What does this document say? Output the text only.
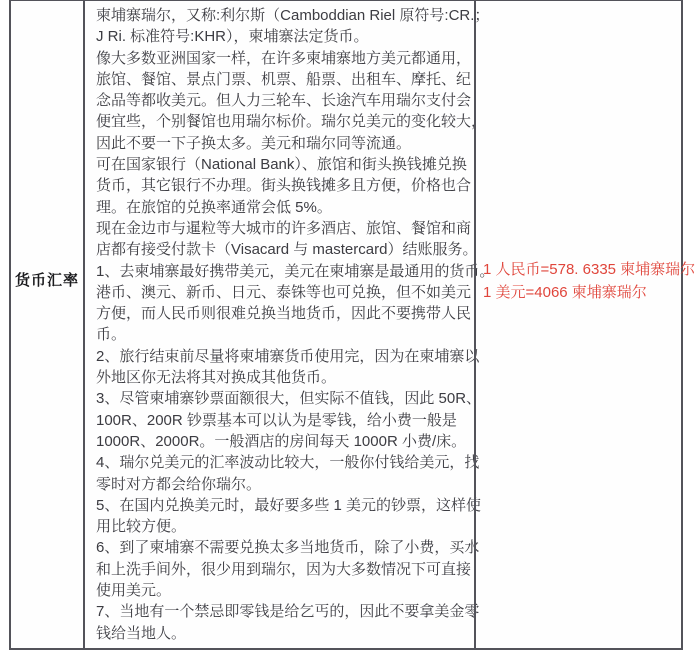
货币汇率
柬埔寨瑞尔，又称:利尔斯（Camboddian Riel 原符号:CR.；
J Ri. 标准符号:KHR），柬埔寨法定货币。
像大多数亚洲国家一样，在许多柬埔寨地方美元都通用，
旅馆、餐馆、景点门票、机票、船票、出租车、摩托、纪
念品等都收美元。但人力三轮车、长途汽车用瑞尔支付会
便宜些，个别餐馆也用瑞尔标价。瑞尔兑美元的变化较大，
因此不要一下子换太多。美元和瑞尔同等流通。
可在国家银行（National Bank）、旅馆和街头换钱摊兑换
货币，其它银行不办理。街头换钱摊多且方便，价格也合
理。在旅馆的兑换率通常会低 5%。
现在金边市与暹粒等大城市的许多酒店、旅馆、餐馆和商
店都有接受付款卡（Visacard 与 mastercard）结账服务。
1、去柬埔寨最好携带美元，美元在柬埔寨是最通用的货币。
港币、澳元、新币、日元、泰铢等也可兑换，但不如美元
方便，而人民币则很难兑换当地货币，因此不要携带人民
币。
2、旅行结束前尽量将柬埔寨货币使用完，因为在柬埔寨以
外地区你无法将其对换成其他货币。
3、尽管柬埔寨钞票面额很大，但实际不值钱，因此 50R、
100R、200R 钞票基本可以认为是零钱，给小费一般是
1000R、2000R。一般酒店的房间每天 1000R 小费/床。
4、瑞尔兑美元的汇率波动比较大，一般你付钱给美元，找
零时对方都会给你瑞尔。
5、在国内兑换美元时，最好要多些 1 美元的钞票，这样使
用比较方便。
6、到了柬埔寨不需要兑换太多当地货币，除了小费，买水
和上洗手间外，很少用到瑞尔，因为大多数情况下可直接
使用美元。
7、当地有一个禁忌即零钱是给乞丐的，因此不要拿美金零
钱给当地人。
1 人民币=578. 6335 柬埔寨瑞尔
1 美元=4066 柬埔寨瑞尔
